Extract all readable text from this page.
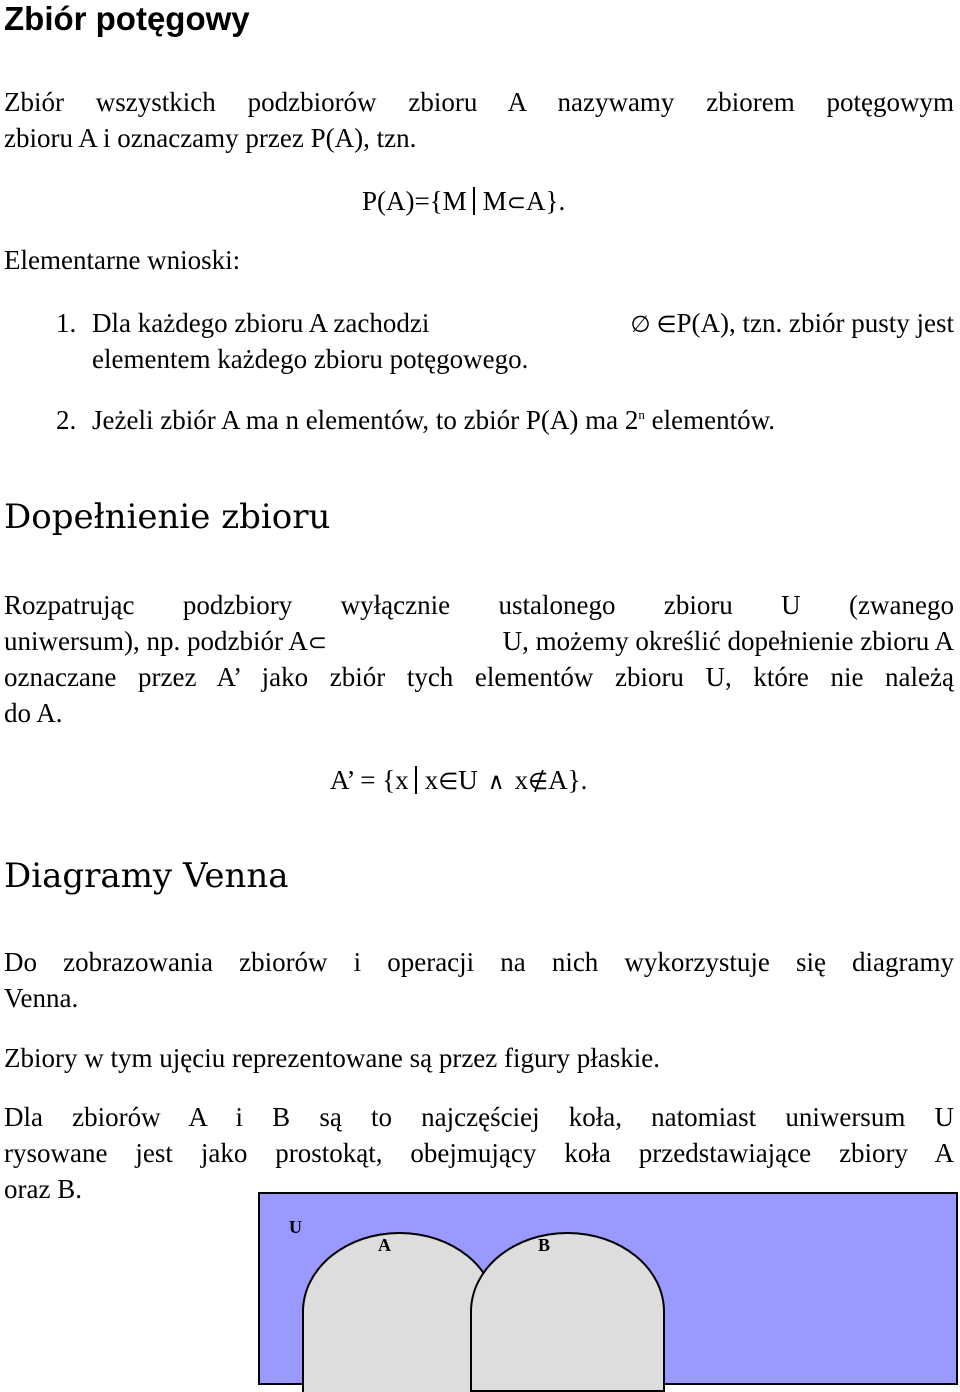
Zbiór potęgowy
Zbiór wszystkich podzbiorów zbioru A nazywamy zbiorem potęgowym
zbioru A i oznaczamy przez P(A), tzn.
P(A)={M M⊂A}.
Elementarne wnioski:
1. Dla każdego zbioru A zachodzi	∅ ∈P(A), tzn. zbiór pusty jest
elementem każdego zbioru potęgowego.
2. Jeżeli zbiór A ma n elementów, to zbiór P(A) ma 2$^n$ elementów.
Dopełnienie zbioru
Rozpatrując podzbiory wyłącznie ustalonego zbioru U (zwanego
uniwersum), np. podzbiór A⊂	U, możemy określić dopełnienie zbioru A
oznaczane przez A’ jako zbiór tych elementów zbioru U, które nie należą
do A.
A’ = {x x∈U ∧ x∉A}.
Diagramy Venna
Do zobrazowania zbiorów i operacji na nich wykorzystuje się diagramy
Venna.
Zbiory w tym ujęciu reprezentowane są przez figury płaskie.
Dla zbiorów A i B są to najczęściej koła, natomiast uniwersum U
rysowane jest jako prostokąt, obejmujący koła przedstawiające zbiory A
oraz B.
U
A	B
